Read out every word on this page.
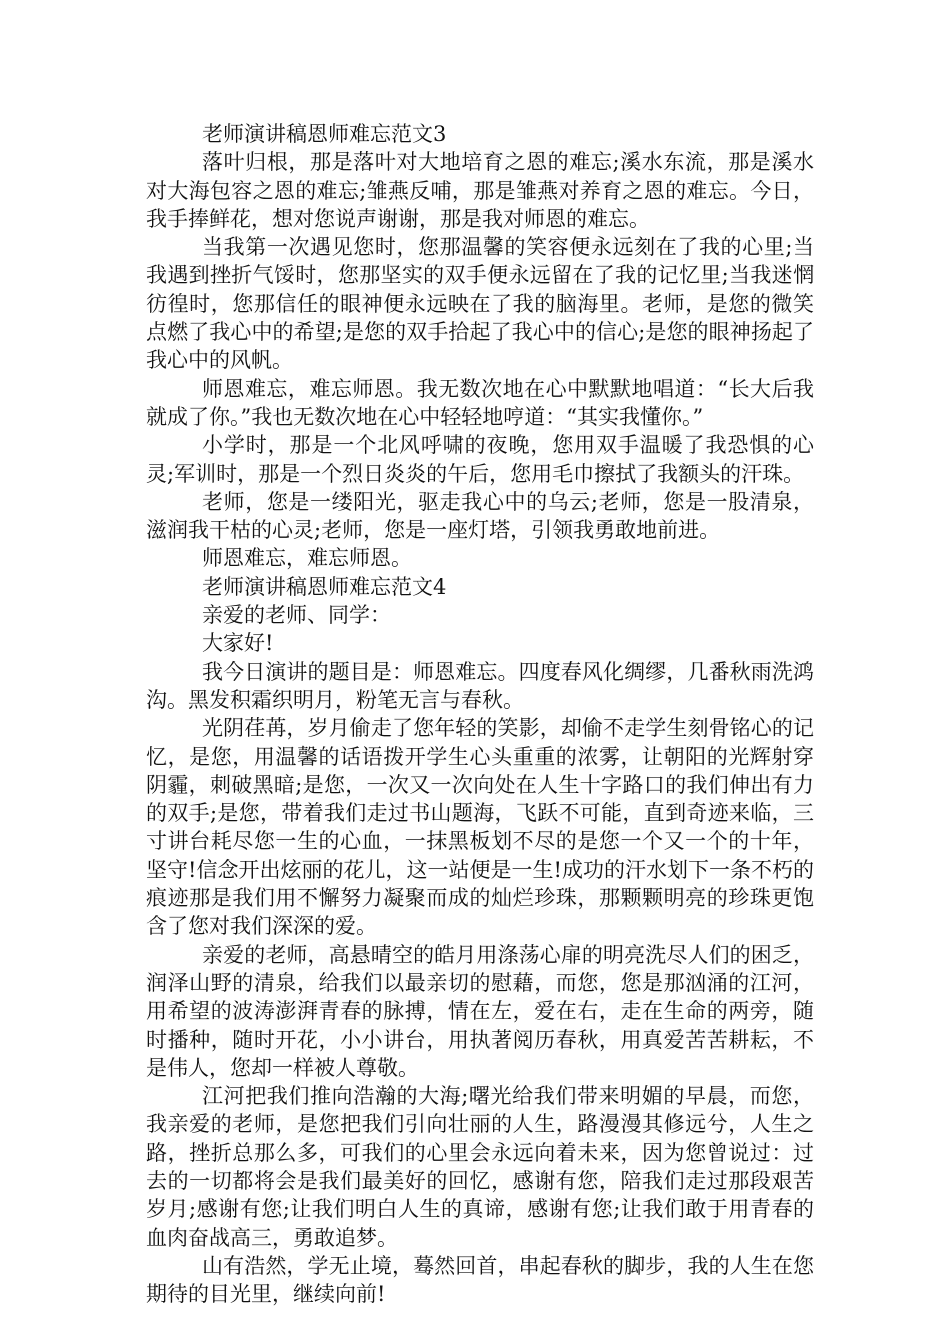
老师演讲稿恩师难忘范文3

落叶归根，那是落叶对大地培育之恩的难忘;溪水东流，那是溪水对大海包容之恩的难忘;雏燕反哺，那是雏燕对养育之恩的难忘。今日，我手捧鲜花，想对您说声谢谢，那是我对师恩的难忘。

当我第一次遇见您时，您那温馨的笑容便永远刻在了我的心里;当我遇到挫折气馁时，您那坚实的双手便永远留在了我的记忆里;当我迷惘彷徨时，您那信任的眼神便永远映在了我的脑海里。老师，是您的微笑点燃了我心中的希望;是您的双手拾起了我心中的信心;是您的眼神扬起了我心中的风帆。

师恩难忘，难忘师恩。我无数次地在心中默默地唱道：“长大后我就成了你。”我也无数次地在心中轻轻地哼道：“其实我懂你。”

小学时，那是一个北风呼啸的夜晚，您用双手温暖了我恐惧的心灵;军训时，那是一个烈日炎炎的午后，您用毛巾擦拭了我额头的汗珠。

老师，您是一缕阳光，驱走我心中的乌云;老师，您是一股清泉，滋润我干枯的心灵;老师，您是一座灯塔，引领我勇敢地前进。

师恩难忘，难忘师恩。

老师演讲稿恩师难忘范文4

亲爱的老师、同学：

大家好!

我今日演讲的题目是：师恩难忘。四度春风化绸缪，几番秋雨洗鸿沟。黑发积霜织明月，粉笔无言与春秋。

光阴荏苒，岁月偷走了您年轻的笑影，却偷不走学生刻骨铭心的记忆，是您，用温馨的话语拨开学生心头重重的浓雾，让朝阳的光辉射穿阴霾，刺破黑暗;是您，一次又一次向处在人生十字路口的我们伸出有力的双手;是您，带着我们走过书山题海，飞跃不可能，直到奇迹来临，三寸讲台耗尽您一生的心血，一抹黑板划不尽的是您一个又一个的十年，坚守!信念开出炫丽的花儿，这一站便是一生!成功的汗水划下一条不朽的痕迹那是我们用不懈努力凝聚而成的灿烂珍珠，那颗颗明亮的珍珠更饱含了您对我们深深的爱。

亲爱的老师，高悬晴空的皓月用涤荡心扉的明亮洗尽人们的困乏，润泽山野的清泉，给我们以最亲切的慰藉，而您，您是那汹涌的江河，用希望的波涛澎湃青春的脉搏，情在左，爱在右，走在生命的两旁，随时播种，随时开花，小小讲台，用执著阅历春秋，用真爱苦苦耕耘，不是伟人，您却一样被人尊敬。

江河把我们推向浩瀚的大海;曙光给我们带来明媚的早晨，而您，我亲爱的老师，是您把我们引向壮丽的人生，路漫漫其修远兮，人生之路，挫折总那么多，可我们的心里会永远向着未来，因为您曾说过：过去的一切都将会是我们最美好的回忆，感谢有您，陪我们走过那段艰苦岁月;感谢有您;让我们明白人生的真谛，感谢有您;让我们敢于用青春的血肉奋战高三，勇敢追梦。

山有浩然，学无止境，蓦然回首，串起春秋的脚步，我的人生在您期待的目光里，继续向前!
